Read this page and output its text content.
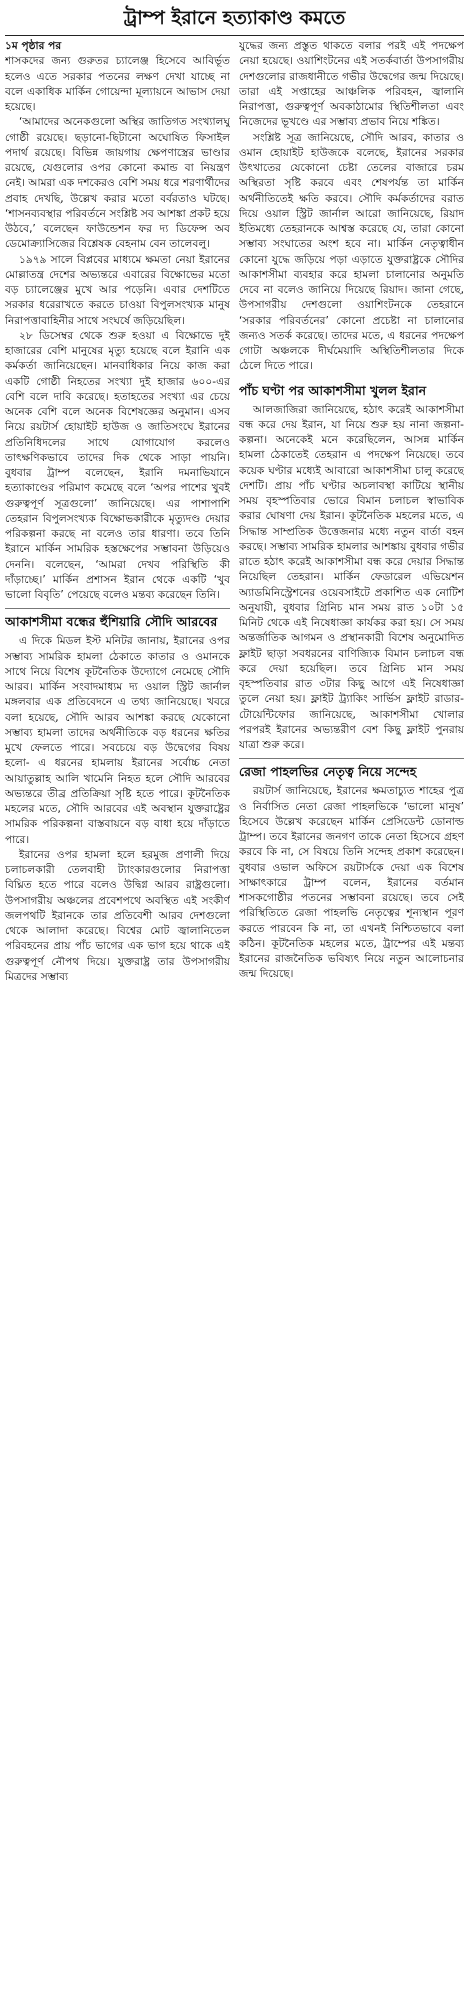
ট্রাম্প ইরানে হত্যাকাণ্ড কমতে

১ম পৃষ্ঠার পর
শাসকদের জন্য গুরুতর চ্যালেঞ্জ হিসেবে আবির্ভূত হলেও এতে সরকার পতনের লক্ষণ দেখা যাচ্ছে না বলে একাধিক মার্কিন গোয়েন্দা মূল্যায়নে আভাস দেয়া হয়েছে।

‘আমাদের অনেকগুলো অস্থির জাতিগত সংখ্যালঘু গোষ্ঠী রয়েছে। ছড়ানো-ছিটানো অঘোষিত ফিসাইল পদার্থ রয়েছে। বিভিন্ন জায়গায় ক্ষেপণাস্ত্রের ভাণ্ডার রয়েছে, যেগুলোর ওপর কোনো কমান্ড বা নিয়ন্ত্রণ নেই। আমরা এক দশকেরও বেশি সময় ধরে শরণার্থীদের প্রবাহ দেখছি, উল্লেখ করার মতো বর্বরতাও ঘটছে। ‘শাসনব্যবস্থার পরিবর্তনে সংশ্লিষ্ট সব আশঙ্কা প্রকট হয়ে উঠবে,’ বলেছেন ফাউন্ডেশন ফর দ্য ডিফেন্স অব ডেমোক্র্যাসিজের বিশ্লেষক বেহনাম বেন তালেবলু।

১৯৭৯ সালে বিপ্লবের মাধ্যমে ক্ষমতা নেয়া ইরানের মোল্লাতন্ত্র দেশের অভ্যন্তরে এবারের বিক্ষোভের মতো বড় চ্যালেঞ্জের মুখে আর পড়েনি। এবার দেশটিতে সরকার ধরেরাখতে করতে চাওয়া বিপুলসংখ্যক মানুষ নিরাপত্তাবাহিনীর সাথে সংঘর্ষে জড়িয়েছিল।

২৮ ডিসেম্বর থেকে শুরু হওয়া এ বিক্ষোভে দুই হাজারের বেশি মানুষের মৃত্যু হয়েছে বলে ইরানি এক কর্মকর্তা জানিয়েছেন। মানবাধিকার নিয়ে কাজ করা একটি গোষ্ঠী নিহতের সংখ্যা দুই হাজার ৬০০-এর বেশি বলে দাবি করেছে। হতাহতের সংখ্যা এর চেয়ে অনেক বেশি বলে অনেক বিশেষজ্ঞের অনুমান। এসব নিয়ে রয়টার্স হোয়াইট হাউজ ও জাতিসংঘে ইরানের প্রতিনিধিদলের সাথে যোগাযোগ করলেও তাৎক্ষণিকভাবে তাদের দিক থেকে সাড়া পায়নি। বুধবার ট্রাম্প বলেছেন, ইরানি দমনাভিযানে হত্যাকাণ্ডের পরিমাণ কমেছে বলে ‘অপর পাশের খুবই গুরুত্বপূর্ণ সূত্রগুলো’ জানিয়েছে। এর পাশাপাশি তেহরান বিপুলসংখ্যক বিক্ষোভকারীকে মৃত্যুদণ্ড দেয়ার পরিকল্পনা করছে না বলেও তার ধারণা। তবে তিনি ইরানে মার্কিন সামরিক হস্তক্ষেপের সম্ভাবনা উড়িয়েও দেননি। বলেছেন, ‘আমরা দেখব পরিস্থিতি কী দাঁড়াচ্ছে।’ মার্কিন প্রশাসন ইরান থেকে একটি ‘খুব ভালো বিবৃতি’ পেয়েছে বলেও মন্তব্য করেছেন তিনি।

আকাশসীমা বন্ধের হুঁশিয়ারি সৌদি আরবের

এ দিকে মিডল ইস্ট মনিটর জানায়, ইরানের ওপর সম্ভাব্য সামরিক হামলা ঠেকাতে কাতার ও ওমানকে সাথে নিয়ে বিশেষ কূটনৈতিক উদ্যোগে নেমেছে সৌদি আরব। মার্কিন সংবাদমাধ্যম দ্য ওয়াল স্ট্রিট জার্নাল মঙ্গলবার এক প্রতিবেদনে এ তথ্য জানিয়েছে। খবরে বলা হয়েছে, সৌদি আরব আশঙ্কা করছে যেকোনো সম্ভাব্য হামলা তাদের অর্থনীতিকে বড় ধরনের ক্ষতির মুখে ফেলতে পারে। সবচেয়ে বড় উদ্বেগের বিষয় হলো- এ ধরনের হামলায় ইরানের সর্বোচ্চ নেতা আয়াতুল্লাহ আলি খামেনি নিহত হলে সৌদি আরবের অভ্যন্তরে তীব্র প্রতিক্রিয়া সৃষ্টি হতে পারে। কূটনৈতিক মহলের মতে, সৌদি আরবের এই অবস্থান যুক্তরাষ্ট্রের সামরিক পরিকল্পনা বাস্তবায়নে বড় বাধা হয়ে দাঁড়াতে পারে।

ইরানের ওপর হামলা হলে হরমুজ প্রণালী দিয়ে চলাচলকারী তেলবাহী ট্যাংকারগুলোর নিরাপত্তা বিঘ্নিত হতে পারে বলেও উদ্বিগ্ন আরব রাষ্ট্রগুলো। উপসাগরীয় অঞ্চলের প্রবেশপথে অবস্থিত এই সংকীর্ণ জলপথটি ইরানকে তার প্রতিবেশী আরব দেশগুলো থেকে আলাদা করেছে। বিশ্বের মোট জ্বালানিতেল পরিবহনের প্রায় পাঁচ ভাগের এক ভাগ হয়ে থাকে এই গুরুত্বপূর্ণ নৌপথ দিয়ে। যুক্তরাষ্ট্র তার উপসাগরীয় মিত্রদের সম্ভাব্য

যুদ্ধের জন্য প্রস্তুত থাকতে বলার পরই এই পদক্ষেপ নেয়া হয়েছে। ওয়াশিংটনের এই সতর্কবার্তা উপসাগরীয় দেশগুলোর রাজধানীতে গভীর উদ্বেগের জন্ম দিয়েছে। তারা এই সপ্তাহের আঞ্চলিক পরিবহন, জ্বালানি নিরাপত্তা, গুরুত্বপূর্ণ অবকাঠামোর স্থিতিশীলতা এবং নিজেদের ভূখণ্ডে এর সম্ভাব্য প্রভাব নিয়ে শঙ্কিত।

সংশ্লিষ্ট সূত্র জানিয়েছে, সৌদি আরব, কাতার ও ওমান হোয়াইট হাউজকে বলেছে, ইরানের সরকার উৎখাতের যেকোনো চেষ্টা তেলের বাজারে চরম অস্থিরতা সৃষ্টি করবে এবং শেষপর্যন্ত তা মার্কিন অর্থনীতিতেই ক্ষতি করবে। সৌদি কর্মকর্তাদের বরাত দিয়ে ওয়াল স্ট্রিট জার্নাল আরো জানিয়েছে, রিয়াদ ইতিমধ্যে তেহরানকে আশ্বস্ত করেছে যে, তারা কোনো সম্ভাব্য সংঘাতের অংশ হবে না। মার্কিন নেতৃত্বাধীন কোনো যুদ্ধে জড়িয়ে পড়া এড়াতে যুক্তরাষ্ট্রকে সৌদির আকাশসীমা ব্যবহার করে হামলা চালানোর অনুমতি দেবে না বলেও জানিয়ে দিয়েছে রিয়াদ। জানা গেছে, উপসাগরীয় দেশগুলো ওয়াশিংটনকে তেহরানে ‘সরকার পরিবর্তনের’ কোনো প্রচেষ্টা না চালানোর জন্যও সতর্ক করেছে। তাদের মতে, এ ধরনের পদক্ষেপ গোটা অঞ্চলকে দীর্ঘমেয়াদি অস্থিতিশীলতার দিকে ঠেলে দিতে পারে।

পাঁচ ঘণ্টা পর আকাশসীমা খুলল ইরান

আলজাজিরা জানিয়েছে, হঠাৎ করেই আকাশসীমা বন্ধ করে দেয় ইরান, যা নিয়ে শুরু হয় নানা জল্পনা-কল্পনা। অনেকেই মনে করেছিলেন, আসন্ন মার্কিন হামলা ঠেকাতেই তেহরান এ পদক্ষেপ নিয়েছে। তবে কয়েক ঘণ্টার মধ্যেই আবারো আকাশসীমা চালু করেছে দেশটি। প্রায় পাঁচ ঘণ্টার অচলাবস্থা কাটিয়ে স্থানীয় সময় বৃহস্পতিবার ভোরে বিমান চলাচল স্বাভাবিক করার ঘোষণা দেয় ইরান। কূটনৈতিক মহলের মতে, এ সিদ্ধান্ত সাম্প্রতিক উত্তেজনার মধ্যে নতুন বার্তা বহন করছে। সম্ভাব্য সামরিক হামলার আশঙ্কায় বুধবার গভীর রাতে হঠাৎ করেই আকাশসীমা বন্ধ করে দেয়ার সিদ্ধান্ত নিয়েছিল তেহরান। মার্কিন ফেডারেল এভিয়েশন অ্যাডমিনিস্ট্রেশনের ওয়েবসাইটে প্রকাশিত এক নোটিশ অনুযায়ী, বুধবার গ্রিনিচ মান সময় রাত ১০টা ১৫ মিনিট থেকে এই নিষেধাজ্ঞা কার্যকর করা হয়। সে সময় অন্তর্জাতিক আগমন ও প্রস্থানকারী বিশেষ অনুমোদিত ফ্লাইট ছাড়া সবধরনের বাণিজ্যিক বিমান চলাচল বন্ধ করে দেয়া হয়েছিল। তবে গ্রিনিচ মান সময় বৃহস্পতিবার রাত ৩টার কিছু আগে এই নিষেধাজ্ঞা তুলে নেয়া হয়। ফ্লাইট ট্র্যাকিং সার্ভিস ফ্লাইট রাডার-টোয়েন্টিফোর জানিয়েছে, আকাশসীমা খোলার পরপরই ইরানের অভ্যন্তরীণ বেশ কিছু ফ্লাইট পুনরায় যাত্রা শুরু করে।

রেজা পাহলভির নেতৃত্ব নিয়ে সন্দেহ

রয়টার্স জানিয়েছে, ইরানের ক্ষমতাচ্যুত শাহের পুত্র ও নির্বাসিত নেতা রেজা পাহলভিকে ‘ভালো মানুষ’ হিসেবে উল্লেখ করেছেন মার্কিন প্রেসিডেন্ট ডোনাল্ড ট্রাম্প। তবে ইরানের জনগণ তাকে নেতা হিসেবে গ্রহণ করবে কি না, সে বিষয়ে তিনি সন্দেহ প্রকাশ করেছেন। বুধবার ওভাল অফিসে রয়টার্সকে দেয়া এক বিশেষ সাক্ষাৎকারে ট্রাম্প বলেন, ইরানের বর্তমান শাসকগোষ্ঠীর পতনের সম্ভাবনা রয়েছে। তবে সেই পরিস্থিতিতে রেজা পাহলভি নেতৃত্বের শূন্যস্থান পূরণ করতে পারবেন কি না, তা এখনই নিশ্চিতভাবে বলা কঠিন। কূটনৈতিক মহলের মতে, ট্রাম্পের এই মন্তব্য ইরানের রাজনৈতিক ভবিষ্যৎ নিয়ে নতুন আলোচনার জন্ম দিয়েছে।
